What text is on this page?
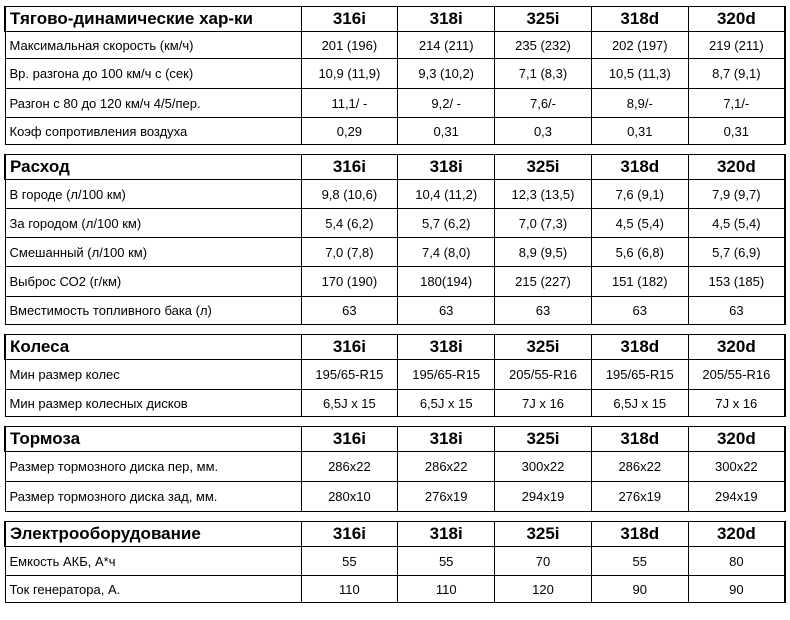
Тягово-динамические хар-ки	316i	318i	325i	318d	320d
Максимальная скорость (км/ч)	201 (196)	214 (211)	235 (232)	202 (197)	219 (211)
Вр. разгона до 100 км/ч с (сек)	10,9 (11,9)	9,3 (10,2)	7,1 (8,3)	10,5 (11,3)	8,7 (9,1)
Разгон с 80 до 120 км/ч 4/5/пер.	11,1/ -	9,2/ -	7,6/-	8,9/-	7,1/-
Коэф сопротивления воздуха	0,29	0,31	0,3	0,31	0,31
Расход	316i	318i	325i	318d	320d
В городе (л/100 км)	9,8 (10,6)	10,4 (11,2)	12,3 (13,5)	7,6 (9,1)	7,9 (9,7)
За городом (л/100 км)	5,4 (6,2)	5,7 (6,2)	7,0 (7,3)	4,5 (5,4)	4,5 (5,4)
Смешанный (л/100 км)	7,0 (7,8)	7,4 (8,0)	8,9 (9,5)	5,6 (6,8)	5,7 (6,9)
Выброс СО2 (г/км)	170 (190)	180(194)	215 (227)	151 (182)	153 (185)
Вместимость топливного бака (л)	63	63	63	63	63
Колеса	316i	318i	325i	318d	320d
Мин размер колес	195/65-R15	195/65-R15	205/55-R16	195/65-R15	205/55-R16
Мин размер колесных дисков	6,5J x 15	6,5J x 15	7J x 16	6,5J x 15	7J x 16
Тормоза	316i	318i	325i	318d	320d
Размер тормозного диска пер, мм.	286x22	286x22	300x22	286x22	300x22
Размер тормозного диска зад, мм.	280x10	276x19	294x19	276x19	294x19
Электрооборудование	316i	318i	325i	318d	320d
Емкость АКБ, А*ч	55	55	70	55	80
Ток генератора, А.	110	110	120	90	90
